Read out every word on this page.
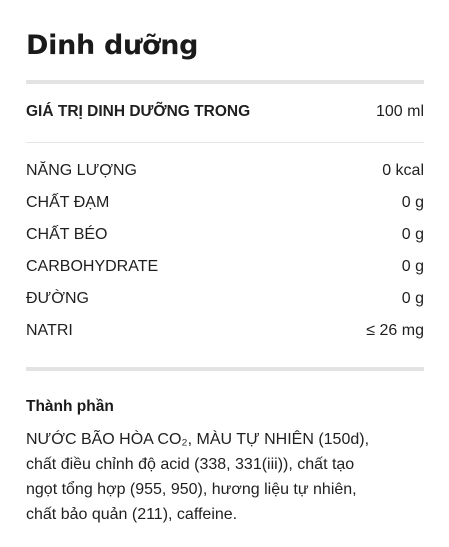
Dinh dưỡng
GIÁ TRỊ DINH DƯỠNG TRONG	100 ml
NĂNG LƯỢNG	0 kcal
CHẤT ĐẠM	0 g
CHẤT BÉO	0 g
CARBOHYDRATE	0 g
ĐƯỜNG	0 g
NATRI	≤ 26 mg
Thành phần
NƯỚC BÃO HÒA CO₂, MÀU TỰ NHIÊN (150d),
chất điều chỉnh độ acid (338, 331(iii)), chất tạo
ngọt tổng hợp (955, 950), hương liệu tự nhiên,
chất bảo quản (211), caffeine.
